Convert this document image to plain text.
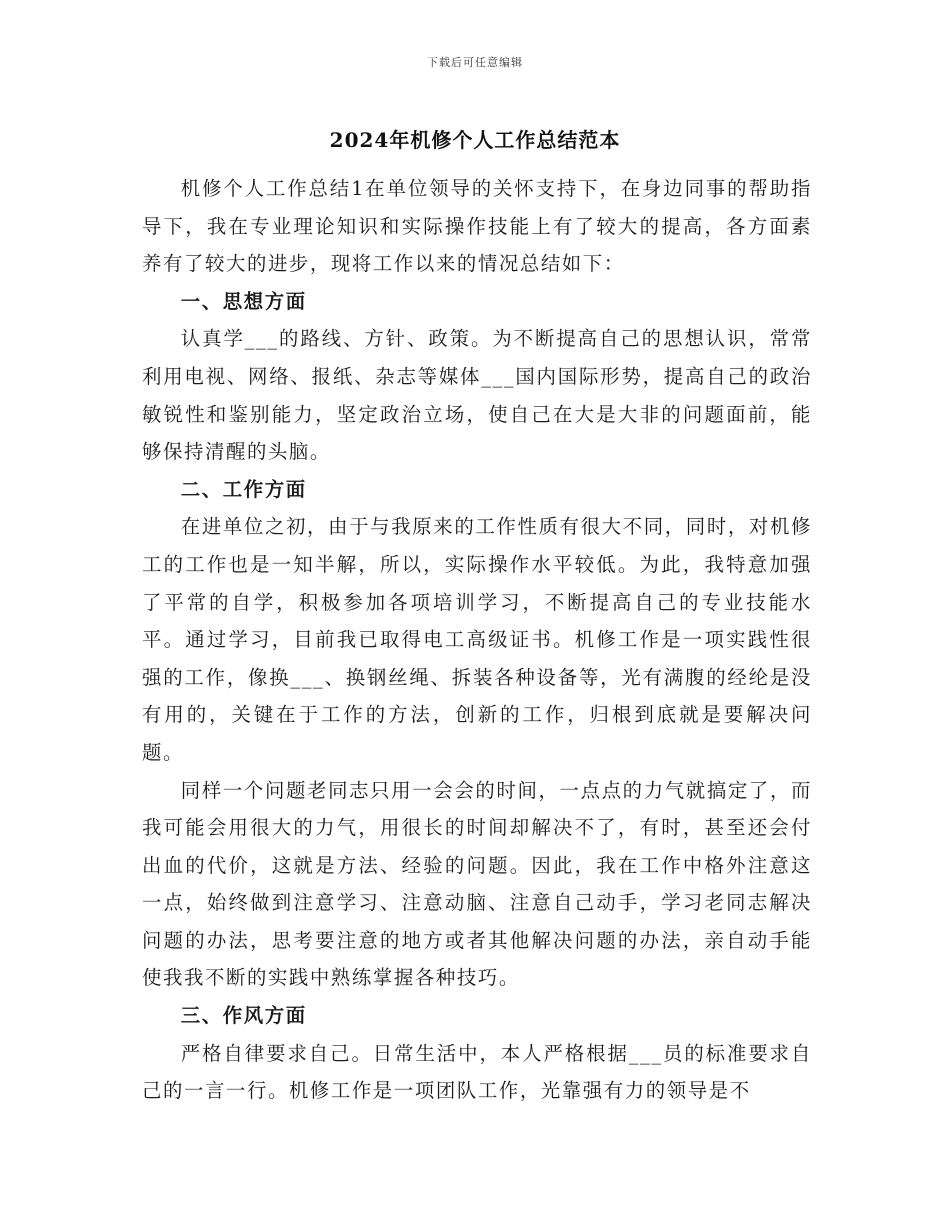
下载后可任意编辑
2024年机修个人工作总结范本

机修个人工作总结1在单位领导的关怀支持下，在身边同事的帮助指导下，我在专业理论知识和实际操作技能上有了较大的提高，各方面素养有了较大的进步，现将工作以来的情况总结如下：

一、思想方面

认真学___的路线、方针、政策。为不断提高自己的思想认识，常常利用电视、网络、报纸、杂志等媒体___国内国际形势，提高自己的政治敏锐性和鉴别能力，坚定政治立场，使自己在大是大非的问题面前，能够保持清醒的头脑。

二、工作方面

在进单位之初，由于与我原来的工作性质有很大不同，同时，对机修工的工作也是一知半解，所以，实际操作水平较低。为此，我特意加强了平常的自学，积极参加各项培训学习，不断提高自己的专业技能水平。通过学习，目前我已取得电工高级证书。机修工作是一项实践性很强的工作，像换___、换钢丝绳、拆装各种设备等，光有满腹的经纶是没有用的，关键在于工作的方法，创新的工作，归根到底就是要解决问题。

同样一个问题老同志只用一会会的时间，一点点的力气就搞定了，而我可能会用很大的力气，用很长的时间却解决不了，有时，甚至还会付出血的代价，这就是方法、经验的问题。因此，我在工作中格外注意这一点，始终做到注意学习、注意动脑、注意自己动手，学习老同志解决问题的办法，思考要注意的地方或者其他解决问题的办法，亲自动手能使我我不断的实践中熟练掌握各种技巧。

三、作风方面

严格自律要求自己。日常生活中，本人严格根据___员的标准要求自己的一言一行。机修工作是一项团队工作，光靠强有力的领导是不
